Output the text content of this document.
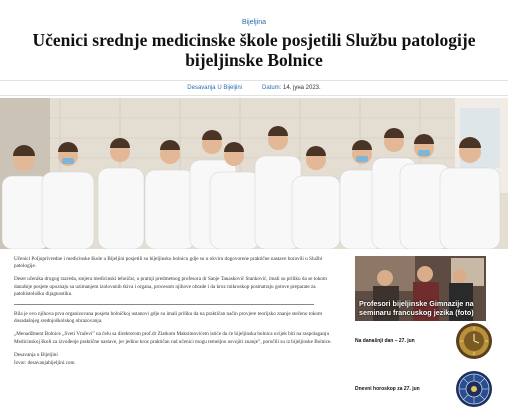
Bijeljina
Učenici srednje medicinske škole posjetili Službu patologije bijeljinske Bolnice
Desavanja U Bijeljini	Datum: 14. jyна 2023.

Učenici Poljoprivredne i medicinske škole u Bijeljini posjetili su bijeljinsku bolnicu gdje su u okviru dogovorene praktične nastave boravili u Službi patologije.

Deset učenika drugog razreda, smjera medicinski tehničar, u pratnji predmetnog profesora dr Sanje Tanasković Stanković, imali su priliku da se tokom današnje posjete upoznaju sa uzimanjem izolovanih tkiva i organa, procesom njihove obrade i da kroz mikroskop posmatraju gotove preparate za patohistološku dijagnostiku.

Bila je ovo njihova prva organizovana posjeta bolničkoj ustanovi gdje su imali priliku da na praktičan način provjere teorijsko znanje stečeno tokom dosadašnjeg srednjoškolskog obrazovanja.

„Menadžment Bolnice „Sveti Vračevi” na čelu sa direktorom prof.dr Zlatkom Maksimovićem istiće da će bijeljinska bolnica uvijek biti na raspolaganju Medicinskoj školi za izvođenje praktične nastave, jer jedino kroz praktičan rad učenici mogu temeljno usvojiti znanje”, poručili su iz bijeljinske Bolnice.

Desavanja u Bijeljini

Izvor: desavanjabijeljini.com

Profesori bijeljinske Gimnazije na seminaru francuskog jezika (foto)
Na današnji dan – 27. jun
Dnevni horoskop za 27. jun
